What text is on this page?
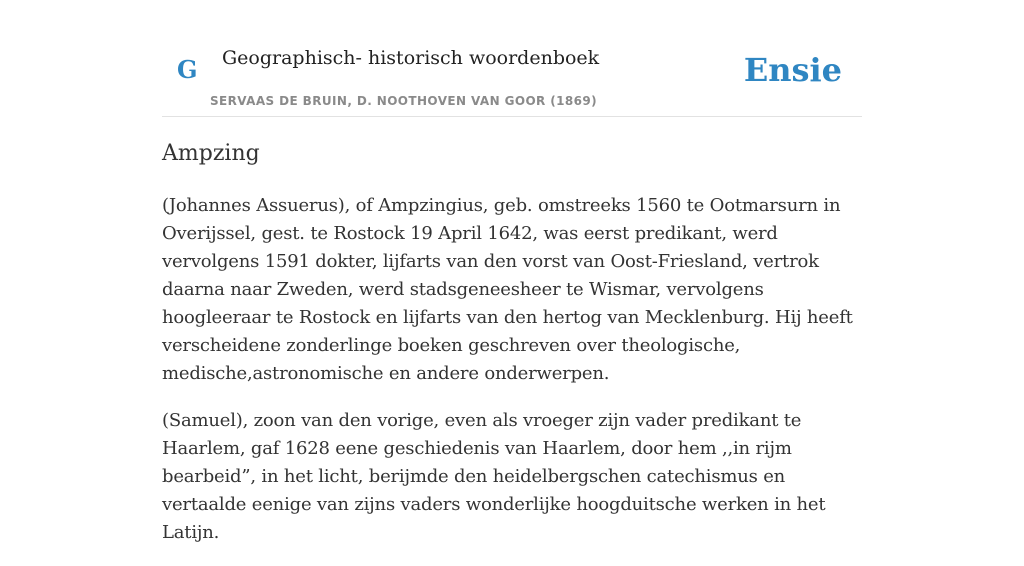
G Geographisch- historisch woordenboek
SERVAAS DE BRUIN, D. NOOTHOVEN VAN GOOR (1869)
Ensie
Ampzing

(Johannes Assuerus), of Ampzingius, geb. omstreeks 1560 te Ootmarsurn in Overijssel, gest. te Rostock 19 April 1642, was eerst predikant, werd vervolgens 1591 dokter, lijfarts van den vorst van Oost-Friesland, vertrok daarna naar Zweden, werd stadsgeneesheer te Wismar, vervolgens hoogleeraar te Rostock en lijfarts van den hertog van Mecklenburg. Hij heeft verscheidene zonderlinge boeken geschreven over theologische, medische,astronomische en andere onderwerpen.

(Samuel), zoon van den vorige, even als vroeger zijn vader predikant te Haarlem, gaf 1628 eene geschiedenis van Haarlem, door hem ,,in rijm bearbeid”, in het licht, berijmde den heidelbergschen catechismus en vertaalde eenige van zijns vaders wonderlijke hoogduitsche werken in het Latijn.
